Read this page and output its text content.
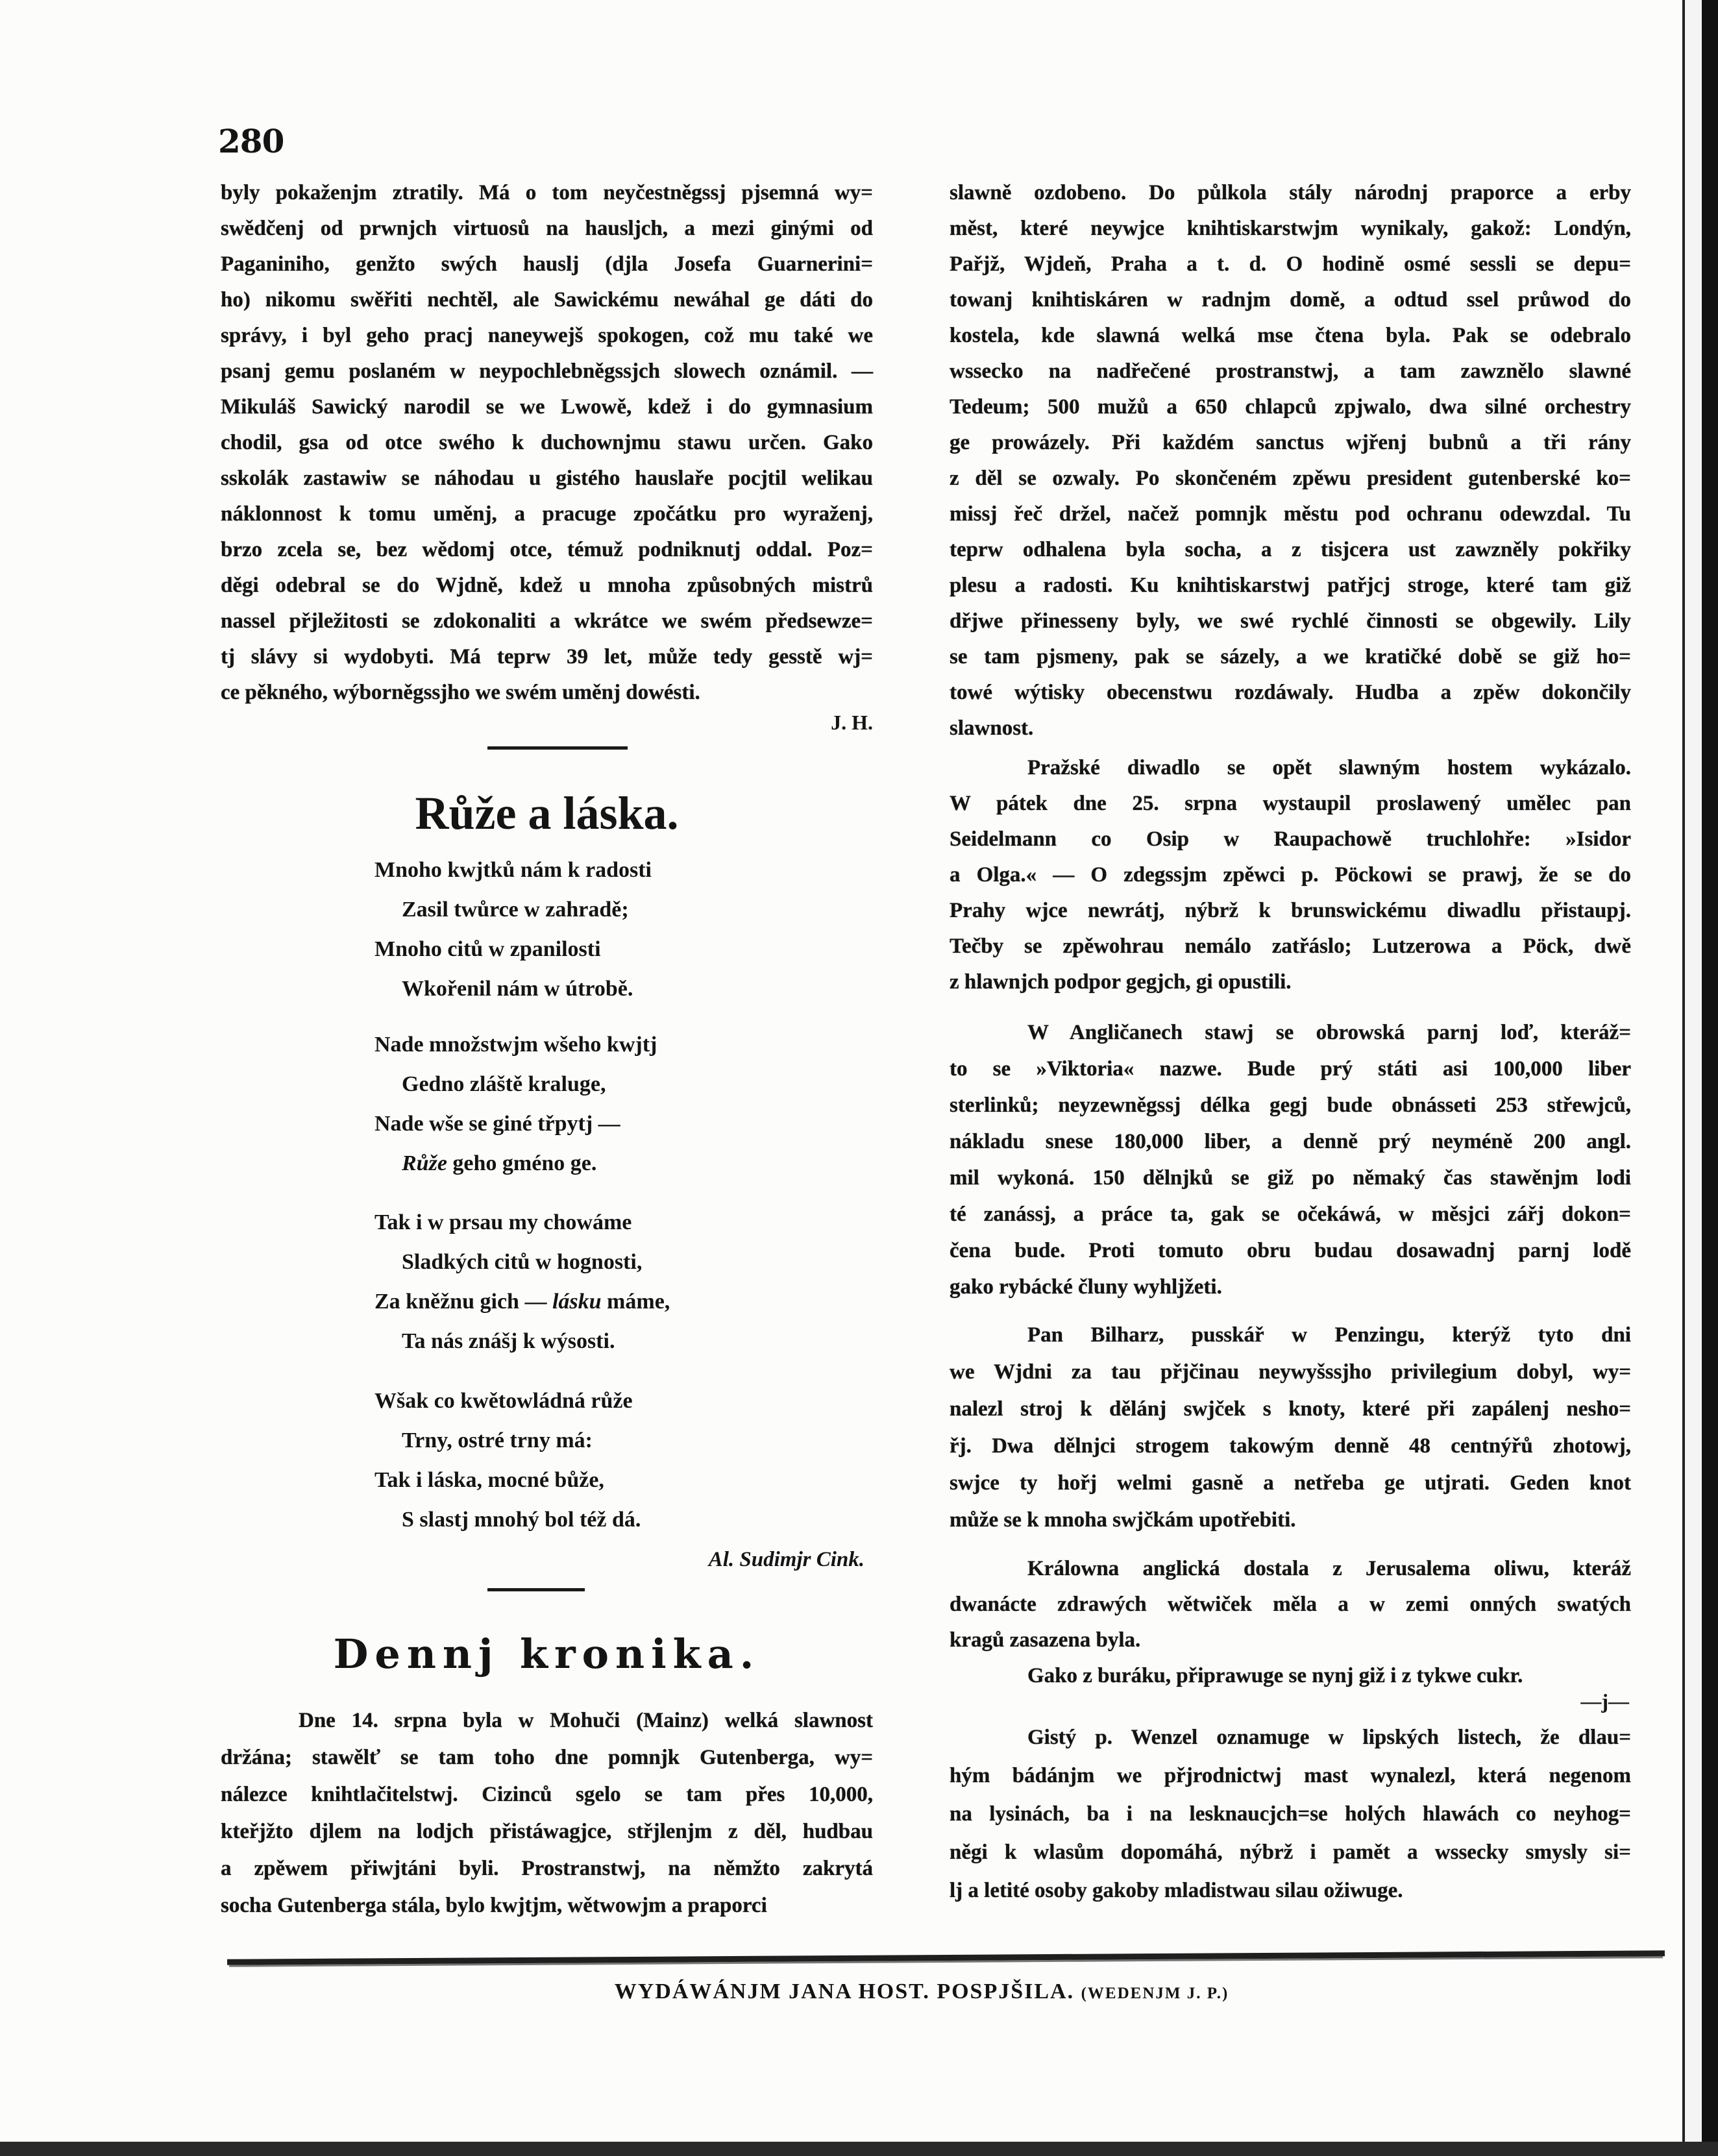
280
byly pokaženjm ztratily. Má o tom neyčestněgssj pjsemná wy=
swědčenj od prwnjch virtuosů na hausljch, a mezi ginými od
Paganiniho, genžto swých hauslj (djla Josefa Guarnerini=
ho) nikomu swěřiti nechtěl, ale Sawickému newáhal ge dáti do
správy, i byl geho pracj naneywejš spokogen, což mu také we
psanj gemu poslaném w neypochlebněgssjch slowech oznámil. —
Mikuláš Sawický narodil se we Lwowě, kdež i do gymnasium
chodil, gsa od otce swého k duchownjmu stawu určen. Gako
sskolák zastawiw se náhodau u gistého hauslaře pocjtil welikau
náklonnost k tomu uměnj, a pracuge zpočátku pro wyraženj,
brzo zcela se, bez wědomj otce, témuž podniknutj oddal. Poz=
děgi odebral se do Wjdně, kdež u mnoha způsobných mistrů
nassel přjležitosti se zdokonaliti a wkrátce we swém předsewze=
tj slávy si wydobyti. Má teprw 39 let, může tedy gesstě wj=
ce pěkného, wýborněgssjho we swém uměnj dowésti.
J. H.
Růže a láska.
Mnoho kwjtků nám k radosti
Zasil twůrce w zahradě;
Mnoho citů w zpanilosti
Wkořenil nám w útrobě.
Nade množstwjm wšeho kwjtj
Gedno zláště kraluge,
Nade wše se giné třpytj —
Růže geho gméno ge.
Tak i w prsau my chowáme
Sladkých citů w hognosti,
Za kněžnu gich — lásku máme,
Ta nás znášj k wýsosti.
Wšak co kwětowládná růže
Trny, ostré trny má:
Tak i láska, mocné bůže,
S slastj mnohý bol též dá.
Al. Sudimjr Cink.
Dennj kronika.
Dne 14. srpna byla w Mohuči (Mainz) welká slawnost
držána; stawělť se tam toho dne pomnjk Gutenberga, wy=
nálezce knihtlačitelstwj. Cizinců sgelo se tam přes 10,000,
kteřjžto djlem na lodjch přistáwagjce, střjlenjm z děl, hudbau
a zpěwem přiwjtáni byli. Prostranstwj, na němžto zakrytá
socha Gutenberga stála, bylo kwjtjm, wětwowjm a praporci
slawně ozdobeno. Do půlkola stály národnj praporce a erby
měst, které neywjce knihtiskarstwjm wynikaly, gakož: Londýn,
Pařjž, Wjdeň, Praha a t. d. O hodině osmé sessli se depu=
towanj knihtiskáren w radnjm domě, a odtud ssel průwod do
kostela, kde slawná welká mse čtena byla. Pak se odebralo
wssecko na nadřečené prostranstwj, a tam zawznělo slawné
Tedeum; 500 mužů a 650 chlapců zpjwalo, dwa silné orchestry
ge prowázely. Při každém sanctus wjřenj bubnů a tři rány
z děl se ozwaly. Po skončeném zpěwu president gutenberské ko=
missj řeč držel, načež pomnjk městu pod ochranu odewzdal. Tu
teprw odhalena byla socha, a z tisjcera ust zawzněly pokřiky
plesu a radosti. Ku knihtiskarstwj patřjcj stroge, které tam giž
dřjwe přinesseny byly, we swé rychlé činnosti se obgewily. Lily
se tam pjsmeny, pak se sázely, a we kratičké době se giž ho=
towé wýtisky obecenstwu rozdáwaly. Hudba a zpěw dokončily
slawnost.
Pražské diwadlo se opět slawným hostem wykázalo.
W pátek dne 25. srpna wystaupil proslawený umělec pan
Seidelmann co Osip w Raupachowě truchlohře: »Isidor
a Olga.« — O zdegssjm zpěwci p. Pöckowi se prawj, že se do
Prahy wjce newrátj, nýbrž k brunswickému diwadlu přistaupj.
Tečby se zpěwohrau nemálo zatřáslo; Lutzerowa a Pöck, dwě
z hlawnjch podpor gegjch, gi opustili.
W Angličanech stawj se obrowská parnj loď, kteráž=
to se »Viktoria« nazwe. Bude prý státi asi 100,000 liber
sterlinků; neyzewněgssj délka gegj bude obnásseti 253 střewjců,
nákladu snese 180,000 liber, a denně prý neyméně 200 angl.
mil wykoná. 150 dělnjků se giž po němaký čas stawěnjm lodi
té zanássj, a práce ta, gak se očekáwá, w měsjci zářj dokon=
čena bude. Proti tomuto obru budau dosawadnj parnj lodě
gako rybácké čluny wyhljžeti.
Pan Bilharz, pusskář w Penzingu, kterýž tyto dni
we Wjdni za tau přjčinau neywyšssjho privilegium dobyl, wy=
nalezl stroj k dělánj swjček s knoty, které při zapálenj nesho=
řj. Dwa dělnjci strogem takowým denně 48 centnýřů zhotowj,
swjce ty hořj welmi gasně a netřeba ge utjrati. Geden knot
může se k mnoha swjčkám upotřebiti.
Králowna anglická dostala z Jerusalema oliwu, kteráž
dwanácte zdrawých wětwiček měla a w zemi onných swatých
kragů zasazena byla.
Gako z buráku, připrawuge se nynj giž i z tykwe cukr.
Gistý p. Wenzel oznamuge w lipských listech, že dlau=
hým bádánjm we přjrodnictwj mast wynalezl, která negenom
na lysinách, ba i na lesknaucjch=se holých hlawách co neyhog=
něgi k wlasům dopomáhá, nýbrž i pamět a wssecky smysly si=
lj a letité osoby gakoby mladistwau silau ožiwuge.
—j—
WYDÁWÁNJM JANA HOST. POSPJŠILA. (WEDENJM J. P.)
